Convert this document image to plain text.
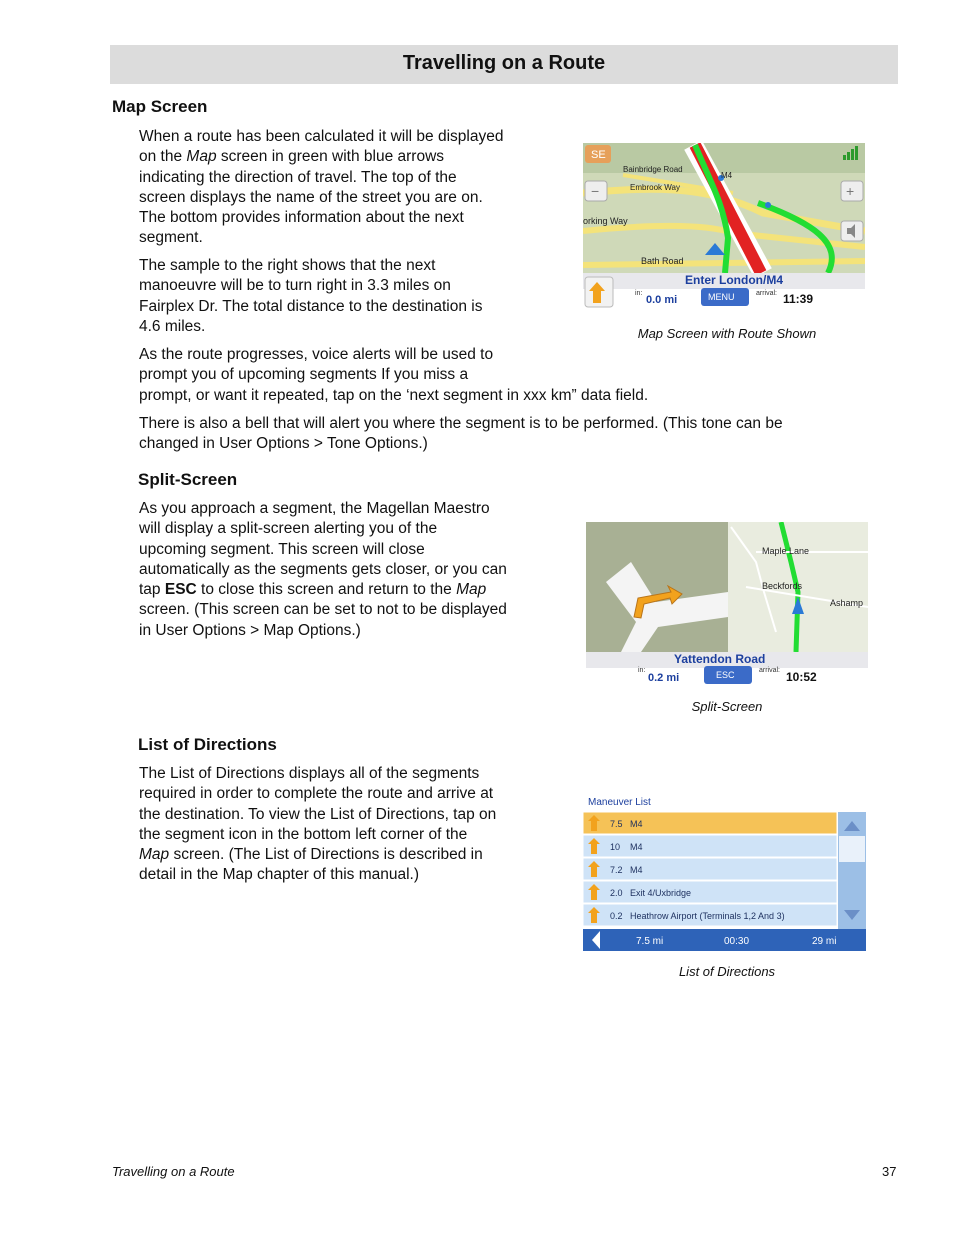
Travelling on a Route
Map Screen
When a route has been calculated it will be displayed
on the Map screen in green with blue arrows
indicating the direction of travel. The top of the
screen displays the name of the street you are on.
The bottom provides information about the next
segment.
The sample to the right shows that the next
manoeuvre will be to turn right in 3.3 miles on
Fairplex Dr. The total distance to the destination is
4.6 miles.
As the route progresses, voice alerts will be used to
prompt you of upcoming segments If you miss a
prompt, or want it repeated, tap on the ‘next segment in xxx km” data field.
There is also a bell that will alert you where the segment is to be performed. (This tone can be
changed in User Options > Tone Options.)
SE
−	+
Bainbridge Road
Embrook Way
M4
orking Way
Bath Road
Enter London/M4
in:
0.0 mi	MENU	arrival: 11:39
Map Screen with Route Shown
Split-Screen
As you approach a segment, the Magellan Maestro
will display a split-screen alerting you of the
upcoming segment. This screen will close
automatically as the segments gets closer, or you can
tap ESC to close this screen and return to the Map
screen. (This screen can be set to not to be displayed
in User Options > Map Options.)
Maple Lane
Beckfords
Ashamp
Yattendon Road
in:
0.2 mi	ESC	arrival: 10:52
Split-Screen
List of Directions
The List of Directions displays all of the segments
required in order to complete the route and arrive at
the destination. To view the List of Directions, tap on
the segment icon in the bottom left corner of the
Map screen. (The List of Directions is described in
detail in the Map chapter of this manual.)
Maneuver List
7.5 M4
10 M4
7.2 M4
2.0 Exit 4/Uxbridge
0.2 Heathrow Airport (Terminals 1,2 And 3)
7.5 mi	00:30	29 mi
List of Directions
Travelling on a Route	37
